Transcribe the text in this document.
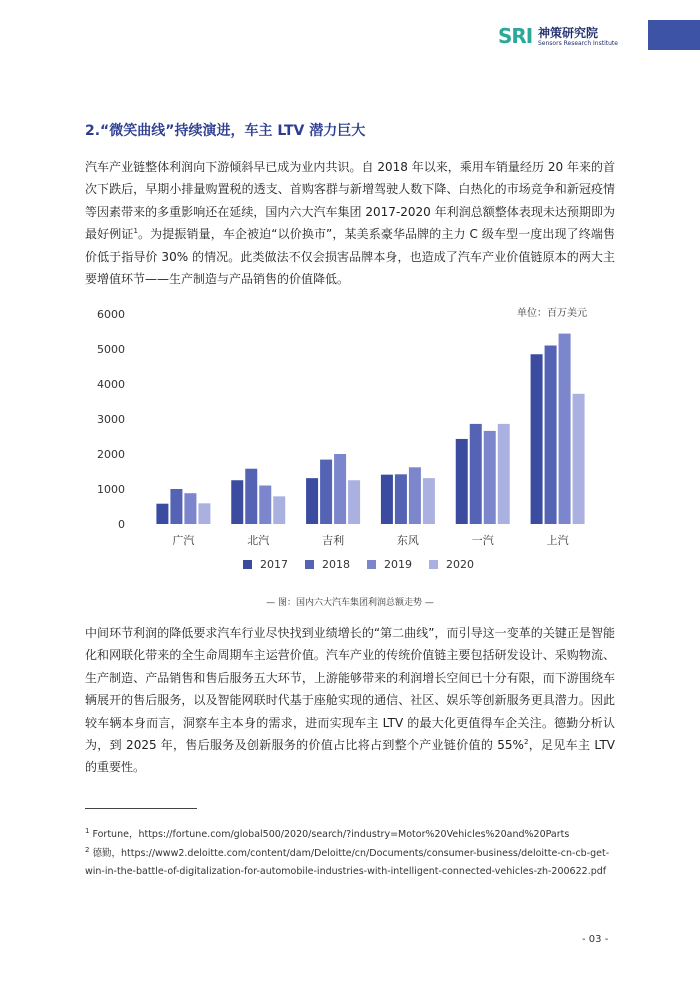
SRI 神策研究院
Sensors Research Institute
2.“微笑曲线”持续演进，车主 LTV 潜力巨大

汽车产业链整体利润向下游倾斜早已成为业内共识。自 2018 年以来，乘用车销量经历 20 年来的首次下跌后，早期小排量购置税的透支、首购客群与新增驾驶人数下降、白热化的市场竞争和新冠疫情等因素带来的多重影响还在延续，国内六大汽车集团 2017-2020 年利润总额整体表现未达预期即为最好例证$^1$。为提振销量，车企被迫“以价换市”，某美系豪华品牌的主力 C 级车型一度出现了终端售价低于指导价 30% 的情况。此类做法不仅会损害品牌本身，也造成了汽车产业价值链原本的两大主要增值环节——生产制造与产品销售的价值降低。

0
1000
2000
3000
4000
5000
6000	单位：百万美元
广汽	北汽	吉利	东风	一汽	上汽
2017	2018	2019	2020

— 图：国内六大汽车集团利润总额走势 —

中间环节利润的降低要求汽车行业尽快找到业绩增长的“第二曲线”，而引导这一变革的关键正是智能化和网联化带来的全生命周期车主运营价值。汽车产业的传统价值链主要包括研发设计、采购物流、生产制造、产品销售和售后服务五大环节，上游能够带来的利润增长空间已十分有限，而下游围绕车辆展开的售后服务，以及智能网联时代基于座舱实现的通信、社区、娱乐等创新服务更具潜力。因此较车辆本身而言，洞察车主本身的需求，进而实现车主 LTV 的最大化更值得车企关注。德勤分析认为，到 2025 年，售后服务及创新服务的价值占比将占到整个产业链价值的 55%$^2$，足见车主 LTV 的重要性。

$^1$ Fortune，https://fortune.com/global500/2020/search/?industry=Motor%20Vehicles%20and%20Parts

$^2$ 德勤，https://www2.deloitte.com/content/dam/Deloitte/cn/Documents/consumer-business/deloitte-cn-cb-get-win-in-the-battle-of-digitalization-for-automobile-industries-with-intelligent-connected-vehicles-zh-200622.pdf

- 03 -
